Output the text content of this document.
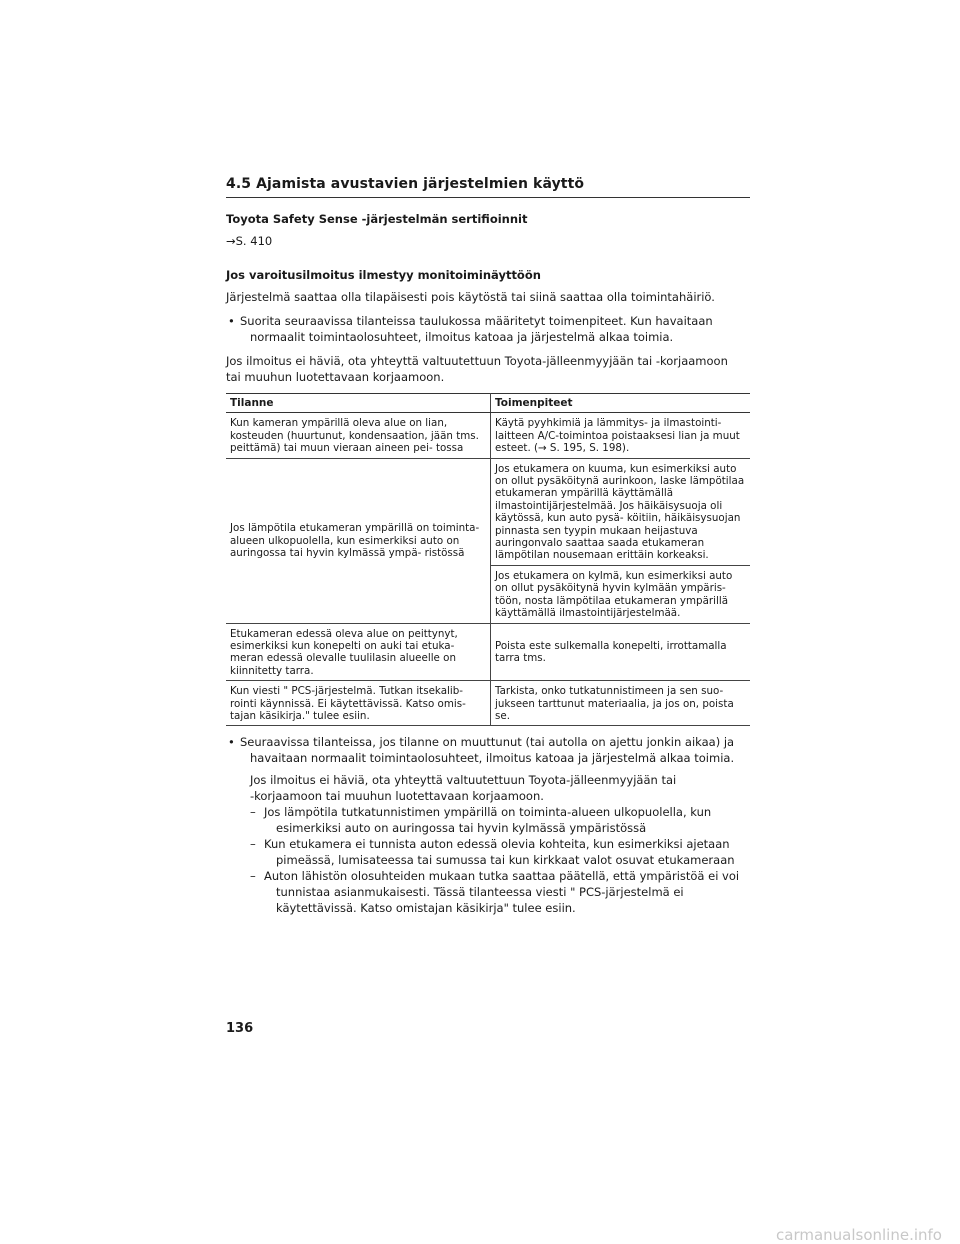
4.5 Ajamista avustavien järjestelmien käyttö
Toyota Safety Sense -järjestelmän sertifioinnit
→S. 410
Jos varoitusilmoitus ilmestyy monitoiminäyttöön
Järjestelmä saattaa olla tilapäisesti pois käytöstä tai siinä saattaa olla toimintahäiriö.
• Suorita seuraavissa tilanteissa taulukossa määritetyt toimenpiteet. Kun havaitaan
normaalit toimintaolosuhteet, ilmoitus katoaa ja järjestelmä alkaa toimia.
Jos ilmoitus ei häviä, ota yhteyttä valtuutettuun Toyota-jälleenmyyjään tai -korjaamoon
tai muuhun luotettavaan korjaamoon.
Tilanne	Toimenpiteet
Kun kameran ympärillä oleva alue on lian, kosteuden (huurtunut, kondensaation, jään tms. peittämä) tai muun vieraan aineen pei- tossa	Käytä pyyhkimiä ja lämmitys- ja ilmastointi- laitteen A/C-toimintoa poistaaksesi lian ja muut esteet. (→ S. 195, S. 198).
Jos lämpötila etukameran ympärillä on toiminta-alueen ulkopuolella, kun esimerkiksi auto on auringossa tai hyvin kylmässä ympä- ristössä	Jos etukamera on kuuma, kun esimerkiksi auto on ollut pysäköitynä aurinkoon, laske lämpötilaa etukameran ympärillä käyttämällä ilmastointijärjestelmää. Jos häikäisysuoja oli käytössä, kun auto pysä- köitiin, häikäisysuojan pinnasta sen tyypin mukaan heijastuva auringonvalo saattaa saada etukameran lämpötilan nousemaan erittäin korkeaksi.
	Jos etukamera on kylmä, kun esimerkiksi auto on ollut pysäköitynä hyvin kylmään ympäris- töön, nosta lämpötilaa etukameran ympärillä käyttämällä ilmastointijärjestelmää.
Etukameran edessä oleva alue on peittynyt, esimerkiksi kun konepelti on auki tai etuka- meran edessä olevalle tuulilasin alueelle on kiinnitetty tarra.	Poista este sulkemalla konepelti, irrottamalla tarra tms.
Kun viesti " PCS-järjestelmä. Tutkan itsekalib- rointi käynnissä. Ei käytettävissä. Katso omis- tajan käsikirja." tulee esiin.	Tarkista, onko tutkatunnistimeen ja sen suo- jukseen tarttunut materiaalia, ja jos on, poista se.
• Seuraavissa tilanteissa, jos tilanne on muuttunut (tai autolla on ajettu jonkin aikaa) ja
havaitaan normaalit toimintaolosuhteet, ilmoitus katoaa ja järjestelmä alkaa toimia.
Jos ilmoitus ei häviä, ota yhteyttä valtuutettuun Toyota-jälleenmyyjään tai
-korjaamoon tai muuhun luotettavaan korjaamoon.
– Jos lämpötila tutkatunnistimen ympärillä on toiminta-alueen ulkopuolella, kun
esimerkiksi auto on auringossa tai hyvin kylmässä ympäristössä
– Kun etukamera ei tunnista auton edessä olevia kohteita, kun esimerkiksi ajetaan
pimeässä, lumisateessa tai sumussa tai kun kirkkaat valot osuvat etukameraan
– Auton lähistön olosuhteiden mukaan tutka saattaa päätellä, että ympäristöä ei voi
tunnistaa asianmukaisesti. Tässä tilanteessa viesti " PCS-järjestelmä ei
käytettävissä. Katso omistajan käsikirja" tulee esiin.
136
carmanualsonline.info
